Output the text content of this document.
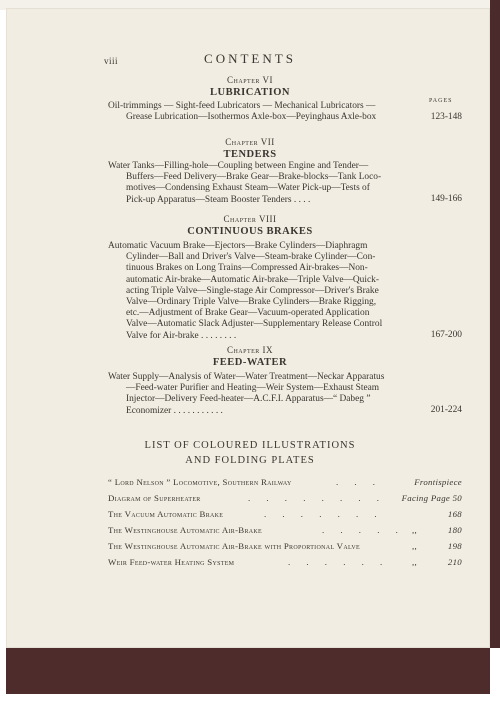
viii	CONTENTS
PAGES
Chapter VI
LUBRICATION
Oil-trimmings — Sight-feed Lubricators — Mechanical Lubricators —
Grease Lubrication—Isothermos Axle-box—Peyinghaus Axle-box	123-148
Chapter VII
TENDERS
Water Tanks—Filling-hole—Coupling between Engine and Tender—
Buffers—Feed Delivery—Brake Gear—Brake-blocks—Tank Loco-
motives—Condensing Exhaust Steam—Water Pick-up—Tests of
Pick-up Apparatus—Steam Booster Tenders . . . .	149-166
Chapter VIII
CONTINUOUS BRAKES
Automatic Vacuum Brake—Ejectors—Brake Cylinders—Diaphragm
Cylinder—Ball and Driver's Valve—Steam-brake Cylinder—Con-
tinuous Brakes on Long Trains—Compressed Air-brakes—Non-
automatic Air-brake—Automatic Air-brake—Triple Valve—Quick-
acting Triple Valve—Single-stage Air Compressor—Driver's Brake
Valve—Ordinary Triple Valve—Brake Cylinders—Brake Rigging,
etc.—Adjustment of Brake Gear—Vacuum-operated Application
Valve—Automatic Slack Adjuster—Supplementary Release Control
Valve for Air-brake . . . . . . . .	167-200
Chapter IX
FEED-WATER
Water Supply—Analysis of Water—Water Treatment—Neckar Apparatus
—Feed-water Purifier and Heating—Weir System—Exhaust Steam
Injector—Delivery Feed-heater—A.C.F.I. Apparatus—“ Dabeg ”
Economizer . . . . . . . . . . .	201-224
LIST OF COLOURED ILLUSTRATIONS
AND FOLDING PLATES
“ Lord Nelson ” Locomotive, Southern Railway	. . .	Frontispiece
Diagram of Superheater	. . . . . . . . Facing Page 50
The Vacuum Automatic Brake	. . . . . . .	168
The Westinghouse Automatic Air-Brake	. . . . . ,,	180
The Westinghouse Automatic Air-Brake with Proportional Valve	,,	198
Weir Feed-water Heating System	. . . . . .	,,	210
